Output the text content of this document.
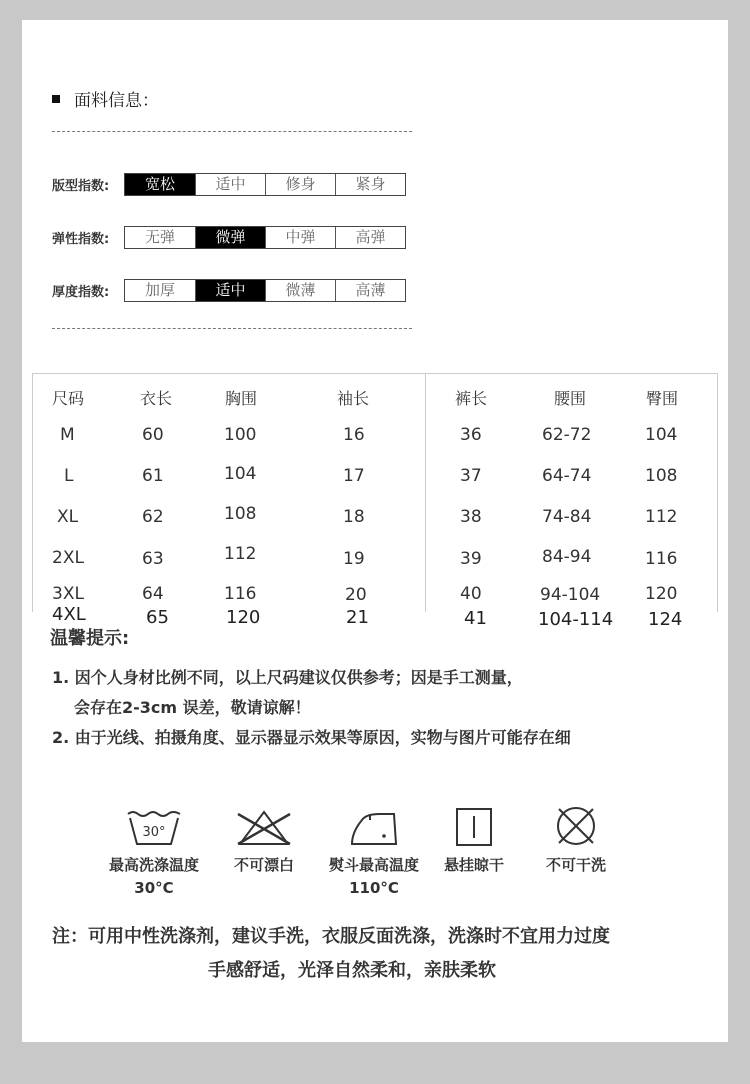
面料信息：
版型指数:	宽松	适中	修身	紧身
弹性指数:	无弹	微弹	中弹	高弹
厚度指数:	加厚	适中	微薄	高薄
尺码	衣长	胸围	袖长	裤长	腰围	臀围
M	60	100	16	36	62-72	104
L	61	104	17	37	64-74	108
XL	62	108	18	38	74-84	112
2XL	63	112	19	39	84-94	116
3XL	64	116	20	40	94-104	120
4XL	65	120	21	41	104-114 124
温馨提示:
1. 因个人身材比例不同，以上尺码建议仅供参考；因是手工测量，
会存在2-3cm 误差，敬请谅解！
2. 由于光线、拍摄角度、显示器显示效果等原因，实物与图片可能存在细
30°
最高洗涤温度
30°C
不可漂白	熨斗最高温度
110°C
悬挂晾干	不可干洗
注：可用中性洗涤剂，建议手洗，衣服反面洗涤，洗涤时不宜用力过度
手感舒适，光泽自然柔和，亲肤柔软
